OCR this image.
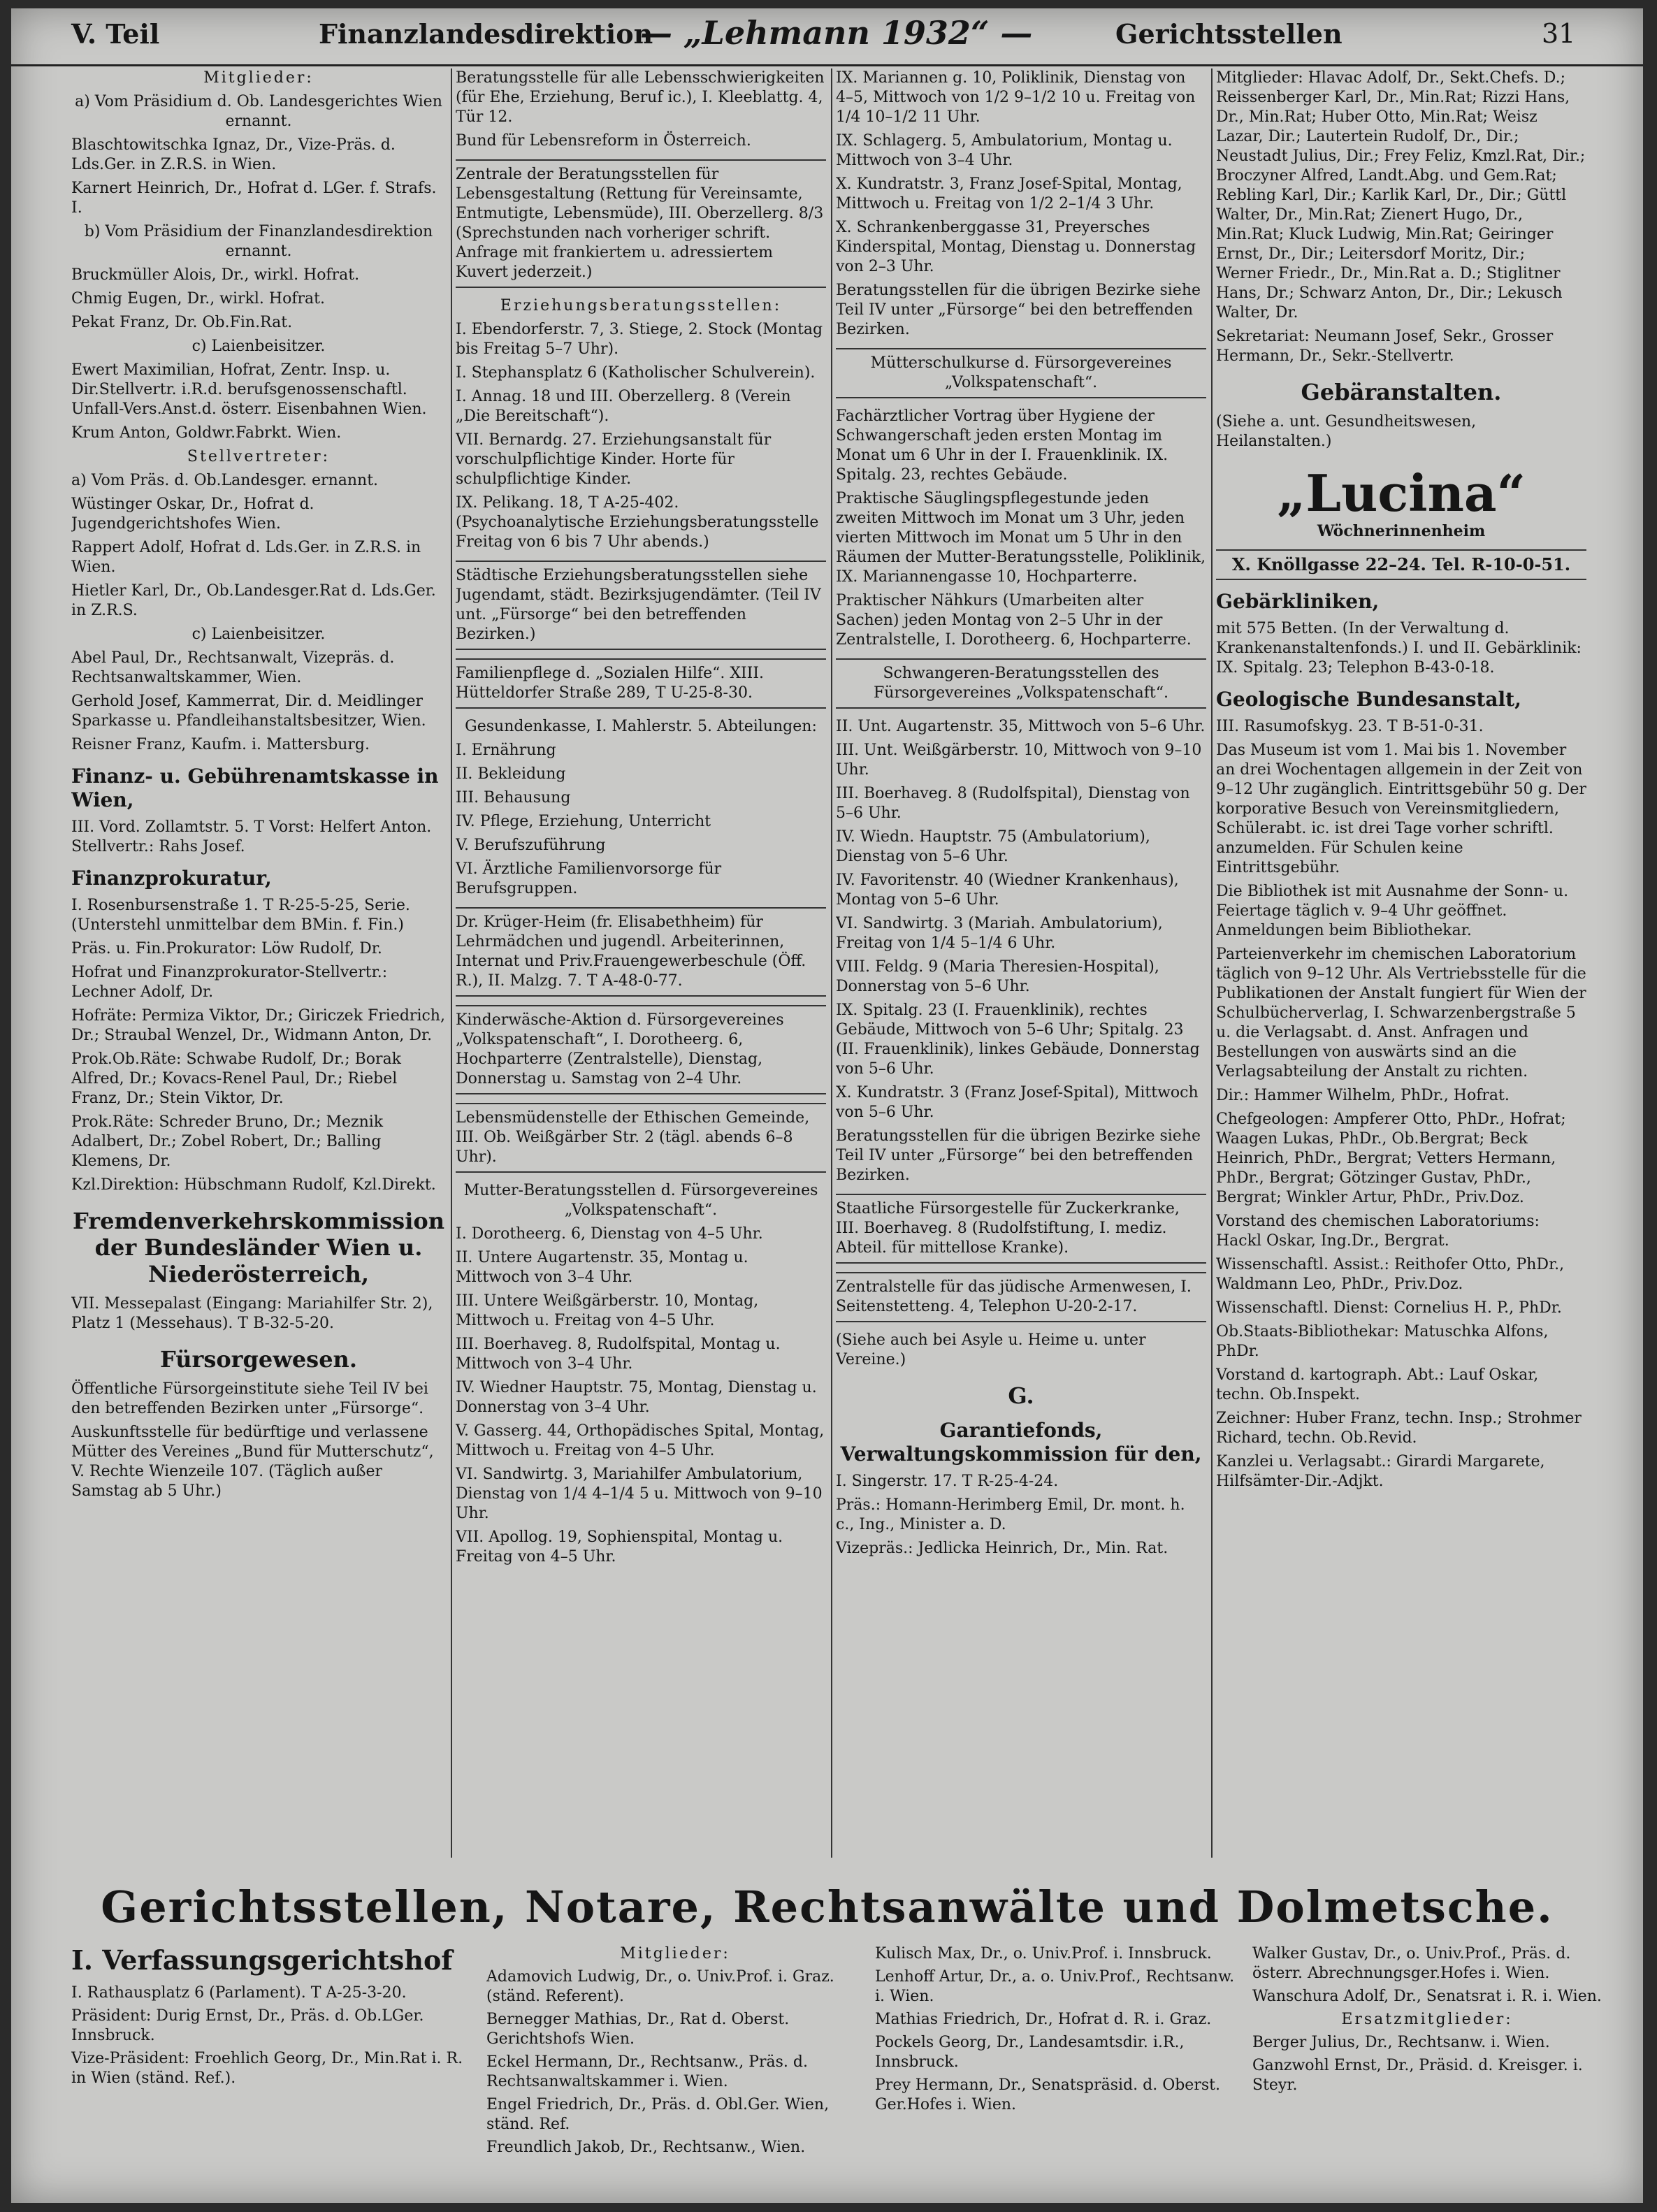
V. Teil	Finanzlandesdirektion
— „Lehmann 1932“ —	Gerichtsstellen	31

Mitglieder:

a) Vom Präsidium d. Ob. Landesgerichtes Wien ernannt.

Blaschtowitschka Ignaz, Dr., Vize-Präs. d. Lds.Ger. in Z.R.S. in Wien.

Karnert Heinrich, Dr., Hofrat d. LGer. f. Strafs. I.

b) Vom Präsidium der Finanzlandesdirektion ernannt.

Bruckmüller Alois, Dr., wirkl. Hofrat.

Chmig Eugen, Dr., wirkl. Hofrat.

Pekat Franz, Dr. Ob.Fin.Rat.

c) Laienbeisitzer.

Ewert Maximilian, Hofrat, Zentr. Insp. u. Dir.Stellvertr. i.R.d. berufsgenossenschaftl. Unfall-Vers.Anst.d. österr. Eisenbahnen Wien.

Krum Anton, Goldwr.Fabrkt. Wien.

Stellvertreter:

a) Vom Präs. d. Ob.Landesger. ernannt.

Wüstinger Oskar, Dr., Hofrat d. Jugendgerichtshofes Wien.

Rappert Adolf, Hofrat d. Lds.Ger. in Z.R.S. in Wien.

Hietler Karl, Dr., Ob.Landesger.Rat d. Lds.Ger. in Z.R.S.

c) Laienbeisitzer.

Abel Paul, Dr., Rechtsanwalt, Vizepräs. d. Rechtsanwaltskammer, Wien.

Gerhold Josef, Kammerrat, Dir. d. Meidlinger Sparkasse u. Pfandleihanstaltsbesitzer, Wien.

Reisner Franz, Kaufm. i. Mattersburg.

Finanz- u. Gebührenamtskasse in Wien,

III. Vord. Zollamtstr. 5. T Vorst: Helfert Anton. Stellvertr.: Rahs Josef.

Finanzprokuratur,

I. Rosenbursenstraße 1. T R-25-5-25, Serie. (Unterstehl unmittelbar dem BMin. f. Fin.)

Präs. u. Fin.Prokurator: Löw Rudolf, Dr.

Hofrat und Finanzprokurator-Stellvertr.: Lechner Adolf, Dr.

Hofräte: Permiza Viktor, Dr.; Giriczek Friedrich, Dr.; Straubal Wenzel, Dr., Widmann Anton, Dr.

Prok.Ob.Räte: Schwabe Rudolf, Dr.; Borak Alfred, Dr.; Kovacs-Renel Paul, Dr.; Riebel Franz, Dr.; Stein Viktor, Dr.

Prok.Räte: Schreder Bruno, Dr.; Meznik Adalbert, Dr.; Zobel Robert, Dr.; Balling Klemens, Dr.

Kzl.Direktion: Hübschmann Rudolf, Kzl.Direkt.

Fremdenverkehrskommission der Bundesländer Wien u. Niederösterreich,

VII. Messepalast (Eingang: Mariahilfer Str. 2), Platz 1 (Messehaus). T B-32-5-20.

Fürsorgewesen.

Öffentliche Fürsorgeinstitute siehe Teil IV bei den betreffenden Bezirken unter „Fürsorge“.

Auskunftsstelle für bedürftige und verlassene Mütter des Vereines „Bund für Mutterschutz“, V. Rechte Wienzeile 107. (Täglich außer Samstag ab 5 Uhr.)

Beratungsstelle für alle Lebensschwierigkeiten (für Ehe, Erziehung, Beruf ic.), I. Kleeblattg. 4, Tür 12.

Bund für Lebensreform in Österreich.

Zentrale der Beratungsstellen für Lebensgestaltung (Rettung für Vereinsamte, Entmutigte, Lebensmüde), III. Oberzellerg. 8/3 (Sprechstunden nach vorheriger schrift. Anfrage mit frankiertem u. adressiertem Kuvert jederzeit.)

Erziehungsberatungsstellen:

I. Ebendorferstr. 7, 3. Stiege, 2. Stock (Montag bis Freitag 5–7 Uhr).

I. Stephansplatz 6 (Katholischer Schulverein).

I. Annag. 18 und III. Oberzellerg. 8 (Verein „Die Bereitschaft“).

VII. Bernardg. 27. Erziehungsanstalt für vorschulpflichtige Kinder. Horte für schulpflichtige Kinder.

IX. Pelikang. 18, T A-25-402. (Psychoanalytische Erziehungsberatungsstelle Freitag von 6 bis 7 Uhr abends.)

Städtische Erziehungsberatungsstellen siehe Jugendamt, städt. Bezirksjugendämter. (Teil IV unt. „Fürsorge“ bei den betreffenden Bezirken.)

Familienpflege d. „Sozialen Hilfe“. XIII. Hütteldorfer Straße 289, T U-25-8-30.

Gesundenkasse, I. Mahlerstr. 5. Abteilungen:

I. Ernährung

II. Bekleidung

III. Behausung

IV. Pflege, Erziehung, Unterricht

V. Berufszuführung

VI. Ärztliche Familienvorsorge für Berufsgruppen.

Dr. Krüger-Heim (fr. Elisabethheim) für Lehrmädchen und jugendl. Arbeiterinnen, Internat und Priv.Frauengewerbeschule (Öff. R.), II. Malzg. 7. T A-48-0-77.

Kinderwäsche-Aktion d. Fürsorgevereines „Volkspatenschaft“, I. Dorotheerg. 6, Hochparterre (Zentralstelle), Dienstag, Donnerstag u. Samstag von 2–4 Uhr.

Lebensmüdenstelle der Ethischen Gemeinde, III. Ob. Weißgärber Str. 2 (tägl. abends 6–8 Uhr).

Mutter-Beratungsstellen d. Fürsorgevereines „Volkspatenschaft“.

I. Dorotheerg. 6, Dienstag von 4–5 Uhr.

II. Untere Augartenstr. 35, Montag u. Mittwoch von 3–4 Uhr.

III. Untere Weißgärberstr. 10, Montag, Mittwoch u. Freitag von 4–5 Uhr.

III. Boerhaveg. 8, Rudolfspital, Montag u. Mittwoch von 3–4 Uhr.

IV. Wiedner Hauptstr. 75, Montag, Dienstag u. Donnerstag von 3–4 Uhr.

V. Gasserg. 44, Orthopädisches Spital, Montag, Mittwoch u. Freitag von 4–5 Uhr.

VI. Sandwirtg. 3, Mariahilfer Ambulatorium, Dienstag von 1/4 4–1/4 5 u. Mittwoch von 9–10 Uhr.

VII. Apollog. 19, Sophienspital, Montag u. Freitag von 4–5 Uhr.

IX. Mariannen g. 10, Poliklinik, Dienstag von 4–5, Mittwoch von 1/2 9–1/2 10 u. Freitag von 1/4 10–1/2 11 Uhr.

IX. Schlagerg. 5, Ambulatorium, Montag u. Mittwoch von 3–4 Uhr.

X. Kundratstr. 3, Franz Josef-Spital, Montag, Mittwoch u. Freitag von 1/2 2–1/4 3 Uhr.

X. Schrankenberggasse 31, Preyersches Kinderspital, Montag, Dienstag u. Donnerstag von 2–3 Uhr.

Beratungsstellen für die übrigen Bezirke siehe Teil IV unter „Fürsorge“ bei den betreffenden Bezirken.

Mütterschulkurse d. Fürsorgevereines „Volkspatenschaft“.

Fachärztlicher Vortrag über Hygiene der Schwangerschaft jeden ersten Montag im Monat um 6 Uhr in der I. Frauenklinik. IX. Spitalg. 23, rechtes Gebäude.

Praktische Säuglingspflegestunde jeden zweiten Mittwoch im Monat um 3 Uhr, jeden vierten Mittwoch im Monat um 5 Uhr in den Räumen der Mutter-Beratungsstelle, Poliklinik, IX. Mariannengasse 10, Hochparterre.

Praktischer Nähkurs (Umarbeiten alter Sachen) jeden Montag von 2–5 Uhr in der Zentralstelle, I. Dorotheerg. 6, Hochparterre.

Schwangeren-Beratungsstellen des Fürsorgevereines „Volkspatenschaft“.

II. Unt. Augartenstr. 35, Mittwoch von 5–6 Uhr.

III. Unt. Weißgärberstr. 10, Mittwoch von 9–10 Uhr.

III. Boerhaveg. 8 (Rudolfspital), Dienstag von 5–6 Uhr.

IV. Wiedn. Hauptstr. 75 (Ambulatorium), Dienstag von 5–6 Uhr.

IV. Favoritenstr. 40 (Wiedner Krankenhaus), Montag von 5–6 Uhr.

VI. Sandwirtg. 3 (Mariah. Ambulatorium), Freitag von 1/4 5–1/4 6 Uhr.

VIII. Feldg. 9 (Maria Theresien-Hospital), Donnerstag von 5–6 Uhr.

IX. Spitalg. 23 (I. Frauenklinik), rechtes Gebäude, Mittwoch von 5–6 Uhr; Spitalg. 23 (II. Frauenklinik), linkes Gebäude, Donnerstag von 5–6 Uhr.

X. Kundratstr. 3 (Franz Josef-Spital), Mittwoch von 5–6 Uhr.

Beratungsstellen für die übrigen Bezirke siehe Teil IV unter „Fürsorge“ bei den betreffenden Bezirken.

Staatliche Fürsorgestelle für Zuckerkranke, III. Boerhaveg. 8 (Rudolfstiftung, I. mediz. Abteil. für mittellose Kranke).

Zentralstelle für das jüdische Armenwesen, I. Seitenstetteng. 4, Telephon U-20-2-17.

(Siehe auch bei Asyle u. Heime u. unter Vereine.)

G.

Garantiefonds, Verwaltungskommission für den,

I. Singerstr. 17. T R-25-4-24.

Präs.: Homann-Herimberg Emil, Dr. mont. h. c., Ing., Minister a. D.

Vizepräs.: Jedlicka Heinrich, Dr., Min. Rat.

Mitglieder: Hlavac Adolf, Dr., Sekt.Chefs. D.; Reissenberger Karl, Dr., Min.Rat; Rizzi Hans, Dr., Min.Rat; Huber Otto, Min.Rat; Weisz Lazar, Dir.; Lautertein Rudolf, Dr., Dir.; Neustadt Julius, Dir.; Frey Feliz, Kmzl.Rat, Dir.; Broczyner Alfred, Landt.Abg. und Gem.Rat; Rebling Karl, Dir.; Karlik Karl, Dr., Dir.; Güttl Walter, Dr., Min.Rat; Zienert Hugo, Dr., Min.Rat; Kluck Ludwig, Min.Rat; Geiringer Ernst, Dr., Dir.; Leitersdorf Moritz, Dir.; Werner Friedr., Dr., Min.Rat a. D.; Stiglitner Hans, Dr.; Schwarz Anton, Dr., Dir.; Lekusch Walter, Dr.

Sekretariat: Neumann Josef, Sekr., Grosser Hermann, Dr., Sekr.-Stellvertr.

Gebäranstalten.

(Siehe a. unt. Gesundheitswesen, Heilanstalten.)

„Lucina“

Wöchnerinnenheim

X. Knöllgasse 22–24. Tel. R-10-0-51.

Gebärkliniken,

mit 575 Betten. (In der Verwaltung d. Krankenanstaltenfonds.) I. und II. Gebärklinik: IX. Spitalg. 23; Telephon B-43-0-18.

Geologische Bundesanstalt,

III. Rasumofskyg. 23. T B-51-0-31.

Das Museum ist vom 1. Mai bis 1. November an drei Wochentagen allgemein in der Zeit von 9–12 Uhr zugänglich. Eintrittsgebühr 50 g. Der korporative Besuch von Vereinsmitgliedern, Schülerabt. ic. ist drei Tage vorher schriftl. anzumelden. Für Schulen keine Eintrittsgebühr.

Die Bibliothek ist mit Ausnahme der Sonn- u. Feiertage täglich v. 9–4 Uhr geöffnet. Anmeldungen beim Bibliothekar.

Parteienverkehr im chemischen Laboratorium täglich von 9–12 Uhr. Als Vertriebsstelle für die Publikationen der Anstalt fungiert für Wien der Schulbücherverlag, I. Schwarzenbergstraße 5 u. die Verlagsabt. d. Anst. Anfragen und Bestellungen von auswärts sind an die Verlagsabteilung der Anstalt zu richten.

Dir.: Hammer Wilhelm, PhDr., Hofrat.

Chefgeologen: Ampferer Otto, PhDr., Hofrat; Waagen Lukas, PhDr., Ob.Bergrat; Beck Heinrich, PhDr., Bergrat; Vetters Hermann, PhDr., Bergrat; Götzinger Gustav, PhDr., Bergrat; Winkler Artur, PhDr., Priv.Doz.

Vorstand des chemischen Laboratoriums: Hackl Oskar, Ing.Dr., Bergrat.

Wissenschaftl. Assist.: Reithofer Otto, PhDr., Waldmann Leo, PhDr., Priv.Doz.

Wissenschaftl. Dienst: Cornelius H. P., PhDr.

Ob.Staats-Bibliothekar: Matuschka Alfons, PhDr.

Vorstand d. kartograph. Abt.: Lauf Oskar, techn. Ob.Inspekt.

Zeichner: Huber Franz, techn. Insp.; Strohmer Richard, techn. Ob.Revid.

Kanzlei u. Verlagsabt.: Girardi Margarete, Hilfsämter-Dir.-Adjkt.

Gerichtsstellen, Notare, Rechtsanwälte und Dolmetsche.

I. Verfassungsgerichtshof

I. Rathausplatz 6 (Parlament). T A-25-3-20.

Präsident: Durig Ernst, Dr., Präs. d. Ob.LGer. Innsbruck.

Vize-Präsident: Froehlich Georg, Dr., Min.Rat i. R. in Wien (ständ. Ref.).

Mitglieder:

Adamovich Ludwig, Dr., o. Univ.Prof. i. Graz. (ständ. Referent).

Bernegger Mathias, Dr., Rat d. Oberst. Gerichtshofs Wien.

Eckel Hermann, Dr., Rechtsanw., Präs. d. Rechtsanwaltskammer i. Wien.

Engel Friedrich, Dr., Präs. d. Obl.Ger. Wien, ständ. Ref.

Freundlich Jakob, Dr., Rechtsanw., Wien.

Kulisch Max, Dr., o. Univ.Prof. i. Innsbruck.

Lenhoff Artur, Dr., a. o. Univ.Prof., Rechtsanw. i. Wien.

Mathias Friedrich, Dr., Hofrat d. R. i. Graz.

Pockels Georg, Dr., Landesamtsdir. i.R., Innsbruck.

Prey Hermann, Dr., Senatspräsid. d. Oberst. Ger.Hofes i. Wien.

Walker Gustav, Dr., o. Univ.Prof., Präs. d. österr. Abrechnungsger.Hofes i. Wien.

Wanschura Adolf, Dr., Senatsrat i. R. i. Wien.

Ersatzmitglieder:

Berger Julius, Dr., Rechtsanw. i. Wien.

Ganzwohl Ernst, Dr., Präsid. d. Kreisger. i. Steyr.
